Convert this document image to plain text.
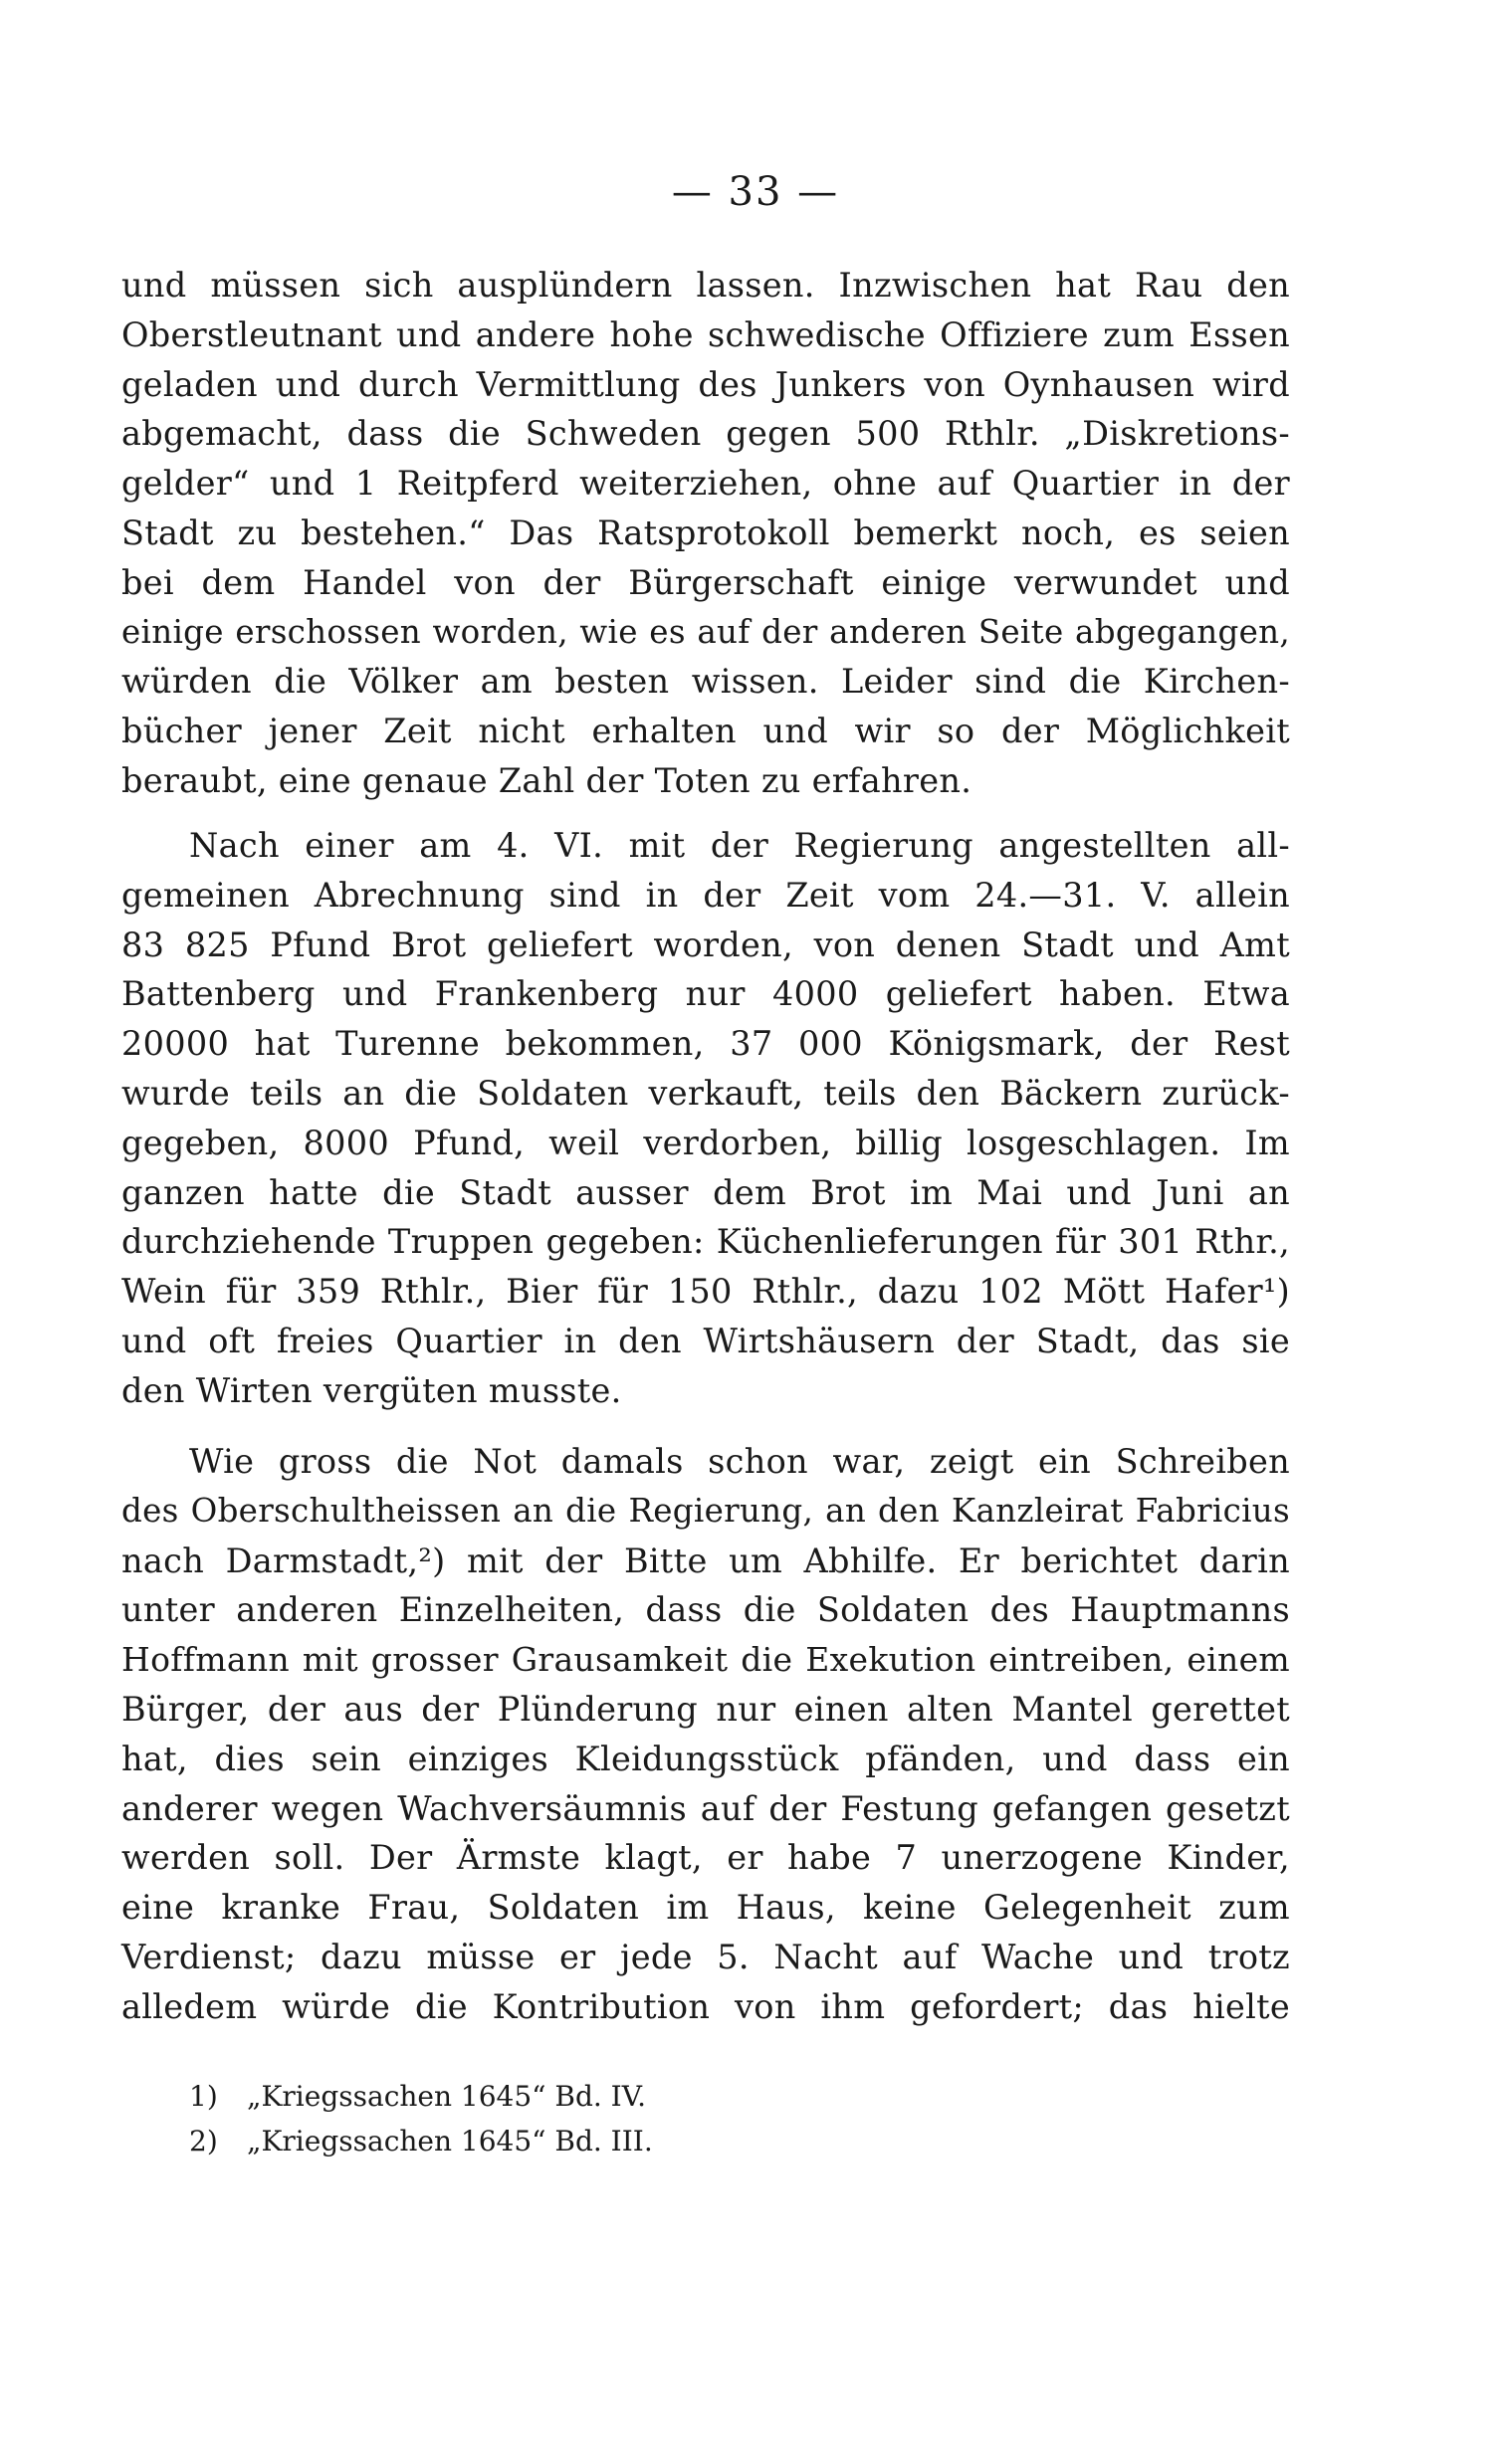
— 33 —
und müssen sich ausplündern lassen. Inzwischen hat Rau den
Oberstleutnant und andere hohe schwedische Offiziere zum Essen
geladen und durch Vermittlung des Junkers von Oynhausen wird
abgemacht, dass die Schweden gegen 500 Rthlr. „Diskretions-
gelder“ und 1 Reitpferd weiterziehen, ohne auf Quartier in der
Stadt zu bestehen.“ Das Ratsprotokoll bemerkt noch, es seien
bei dem Handel von der Bürgerschaft einige verwundet und
einige erschossen worden, wie es auf der anderen Seite abgegangen,
würden die Völker am besten wissen. Leider sind die Kirchen-
bücher jener Zeit nicht erhalten und wir so der Möglichkeit
beraubt, eine genaue Zahl der Toten zu erfahren.
Nach einer am 4. VI. mit der Regierung angestellten all-
gemeinen Abrechnung sind in der Zeit vom 24.—31. V. allein
83 825 Pfund Brot geliefert worden, von denen Stadt und Amt
Battenberg und Frankenberg nur 4000 geliefert haben. Etwa
20000 hat Turenne bekommen, 37 000 Königsmark, der Rest
wurde teils an die Soldaten verkauft, teils den Bäckern zurück-
gegeben, 8000 Pfund, weil verdorben, billig losgeschlagen. Im
ganzen hatte die Stadt ausser dem Brot im Mai und Juni an
durchziehende Truppen gegeben: Küchenlieferungen für 301 Rthr.,
Wein für 359 Rthlr., Bier für 150 Rthlr., dazu 102 Mött Hafer¹)
und oft freies Quartier in den Wirtshäusern der Stadt, das sie
den Wirten vergüten musste.
Wie gross die Not damals schon war, zeigt ein Schreiben
des Oberschultheissen an die Regierung, an den Kanzleirat Fabricius
nach Darmstadt,²) mit der Bitte um Abhilfe. Er berichtet darin
unter anderen Einzelheiten, dass die Soldaten des Hauptmanns
Hoffmann mit grosser Grausamkeit die Exekution eintreiben, einem
Bürger, der aus der Plünderung nur einen alten Mantel gerettet
hat, dies sein einziges Kleidungsstück pfänden, und dass ein
anderer wegen Wachversäumnis auf der Festung gefangen gesetzt
werden soll. Der Ärmste klagt, er habe 7 unerzogene Kinder,
eine kranke Frau, Soldaten im Haus, keine Gelegenheit zum
Verdienst; dazu müsse er jede 5. Nacht auf Wache und trotz
alledem würde die Kontribution von ihm gefordert; das hielte
1) „Kriegssachen 1645“ Bd. IV.
2) „Kriegssachen 1645“ Bd. III.
